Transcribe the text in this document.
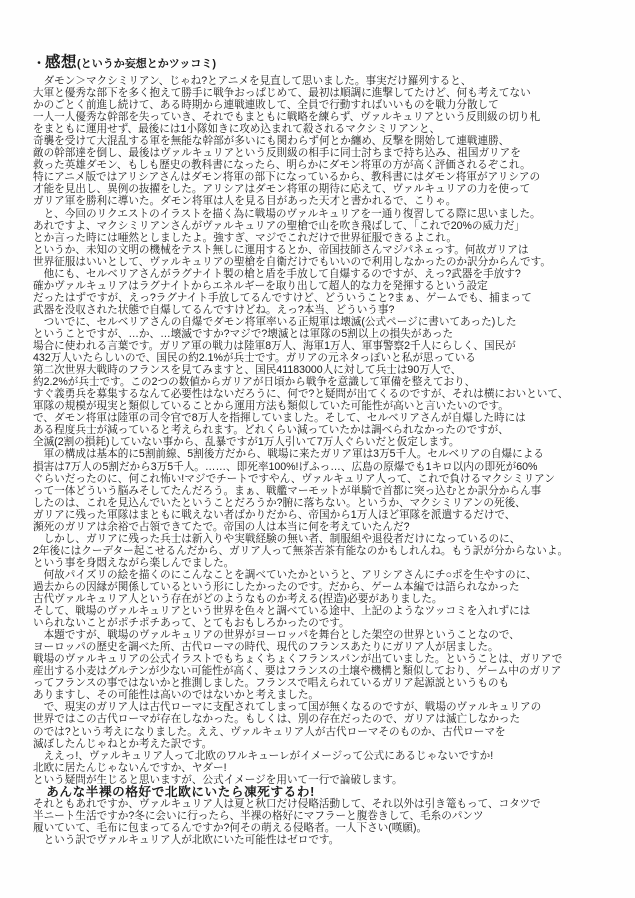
・感想(というか妄想とかツッコミ)
　ダモン＞マクシミリアン、じゃね?とアニメを見直して思いました。事実だけ羅列すると、
大軍と優秀な部下を多く抱えて勝手に戦争おっぱじめて、最初は順調に進撃してたけど、何も考えてない
かのごとく前進し続けて、ある時期から連戦連敗して、全員で行動すればいいものを戦力分散して
一人一人優秀な幹部を失っていき、それでもまともに戦略を練らず、ヴァルキュリアという反則級の切り札
をまともに運用せず、最後には1小隊如きに攻め込まれて殺されるマクシミリアンと、
奇襲を受けて大混乱する軍を無能な幹部が多いにも関わらず何とか纏め、反撃を開始して連戦連勝、
敵の幹部達を倒し、最後はヴァルキュリアという反則級の相手に同士討ちまで持ち込み、祖国ガリアを
救った英雄ダモン、もしも歴史の教科書になったら、明らかにダモン将軍の方が高く評価されるぞこれ。
特にアニメ版ではアリシアさんはダモン将軍の部下になっているから、教科書にはダモン将軍がアリシアの
才能を見出し、異例の抜擢をした。アリシアはダモン将軍の期待に応えて、ヴァルキュリアの力を使って
ガリア軍を勝利に導いた。ダモン将軍は人を見る目があった天才と書かれるで、こりゃ。
　と、今回のリクエストのイラストを描く為に戦場のヴァルキュリアを一通り復習してる際に思いました。
あれですよ、マクシミリアンさんがヴァルキュリアの聖槍で山を吹き飛ばして、「これで20%の威力だ」
とか言った時には唖然としましたよ。強すぎ、マジでこれだけで世界征服できるよこれ。
というか、未知の文明の機械をテスト無しに運用するとか、帝国技師さんマジパネェっす。何故ガリアは
世界征服はいいとして、ヴァルキュリアの聖槍を自衛だけでもいいので利用しなかったのか訳分からんです。
　他にも、セルベリアさんがラグナイト製の槍と盾を手放して自爆するのですが、えっ?武器を手放す?
確かヴァルキュリアはラグナイトからエネルギーを取り出して超人的な力を発揮するという設定
だったはずですが、えっ?ラグナイト手放してるんですけど、どういうこと?まぁ、ゲームでも、捕まって
武器を没収された状態で自爆してるんですけどね。えっ?本当、どういう事?
　ついでに、セルベリアさんの自爆でダモン将軍率いる正規軍は壊滅(公式ページに書いてあった)した
ということですが、…か、…壊滅ですか?マジで?壊滅とは軍隊の5割以上の損失があった
場合に使われる言葉です。ガリア軍の戦力は陸軍8万人、海軍1万人、軍事警察2千人にらしく、国民が
432万人いたらしいので、国民の約2.1%が兵士です。ガリアの元ネタっぽいと私が思っている
第二次世界大戦時のフランスを見てみますと、国民41183000人に対して兵士は90万人で、
約2.2%が兵士です。この2つの数値からガリアが日頃から戦争を意識して軍備を整えており、
すぐ義勇兵を募集するなんて必要性はないだろうに、何で?と疑問が出てくるのですが、それは横においといて、
軍隊の規模が現実と類似していることから運用方法も類似していた可能性が高いと言いたいのです。
で、ダモン将軍は陸軍の司令官で8万人を指揮していました。そして、セルベリアさんが自爆した時には
ある程度兵士が減っていると考えられます。どれくらい減っていたかは調べられなかったのですが、
全滅(2割の損耗)していない事から、乱暴ですが1万人引いて7万人ぐらいだと仮定します。
　軍の構成は基本的に5割前線、5割後方だから、戦場に来たガリア軍は3万5千人。セルベリアの自爆による
損害は7万人の5割だから3万5千人。……、即死率100%!げふっ…、広島の原爆でも1キロ以内の即死が60%
ぐらいだったのに、何これ怖い!マジでチートですやん、ヴァルキュリア人って、これで負けるマクシミリアン
って一体どういう脳みそしてたんだろう。まぁ、戦艦マーモットが単騎で首都に突っ込むとか訳分からん事
したのは、これを見込んでいたということだろうか?腑に落ちない。というか、マクシミリアンの死後、
ガリアに残った軍隊はまともに戦えない者ばかりだから、帝国から1万人ほど軍隊を派遣するだけで、
瀕死のガリアは余裕で占領できてたで。帝国の人は本当に何を考えていたんだ?
　しかし、ガリアに残った兵士は新入りや実戦経験の無い者、制服組や退役者だけになっているのに、
2年後にはクーデター起こせるんだから、ガリア人って無茶苦茶有能なのかもしれんね。もう訳が分からないよ。
という事を身悶えながら楽しんでました。
　何故パイズリの絵を描くのにこんなことを調べていたかというと、アリシアさんにチ○ポを生やすのに、
過去からの因縁が関係しているという形にしたかったのです。だから、ゲーム本編では語られなかった
古代ヴァルキュリア人という存在がどのようなものか考える(捏造)必要がありました。
そして、戦場のヴァルキュリアという世界を色々と調べている途中、上記のようなツッコミを入れずには
いられないことがポチポチあって、とてもおもしろかったのです。
　本題ですが、戦場のヴァルキュリアの世界がヨーロッパを舞台とした架空の世界ということなので、
ヨーロッパの歴史を調べた所、古代ローマの時代、現代のフランスあたりにガリア人が居ました。
戦場のヴァルキュリアの公式イラストでもちょくちょくフランスパンが出ていました。ということは、ガリアで
産出する小麦はグルテンが少ない可能性が高く、要はフランスの土壌や機構と類似しており、ゲーム中のガリア
ってフランスの事ではないかと推測しました。フランスで唱えられているガリア起源説というものも
ありますし、その可能性は高いのではないかと考えました。
　で、現実のガリア人は古代ローマに支配されてしまって国が無くなるのですが、戦場のヴァルキュリアの
世界ではこの古代ローマが存在しなかった。もしくは、別の存在だったので、ガリアは滅亡しなかった
のでは?という考えになりました。ええ、ヴァルキュリア人が古代ローマそのものか、古代ローマを
滅ぼしたんじゃねとか考えた訳です。
　ええっ!、ヴァルキュリア人って北欧のワルキューレがイメージって公式にあるじゃないですか!
北欧に居たんじゃないんですか、ヤダー!
という疑問が生じると思いますが、公式イメージを用いて一行で論破します。
　あんな半裸の格好で北欧にいたら凍死するわ!
それともあれですか、ヴァルキュリア人は夏と秋口だけ侵略活動して、それ以外は引き篭もって、コタツで
半ニート生活ですか?冬に会いに行ったら、半裸の格好にマフラーと腹巻きして、毛糸のパンツ
履いていて、毛布に包まってるんですか?何その萌える侵略者。一人下さい(嘆願)。
　という訳でヴァルキュリア人が北欧にいた可能性はゼロです。
